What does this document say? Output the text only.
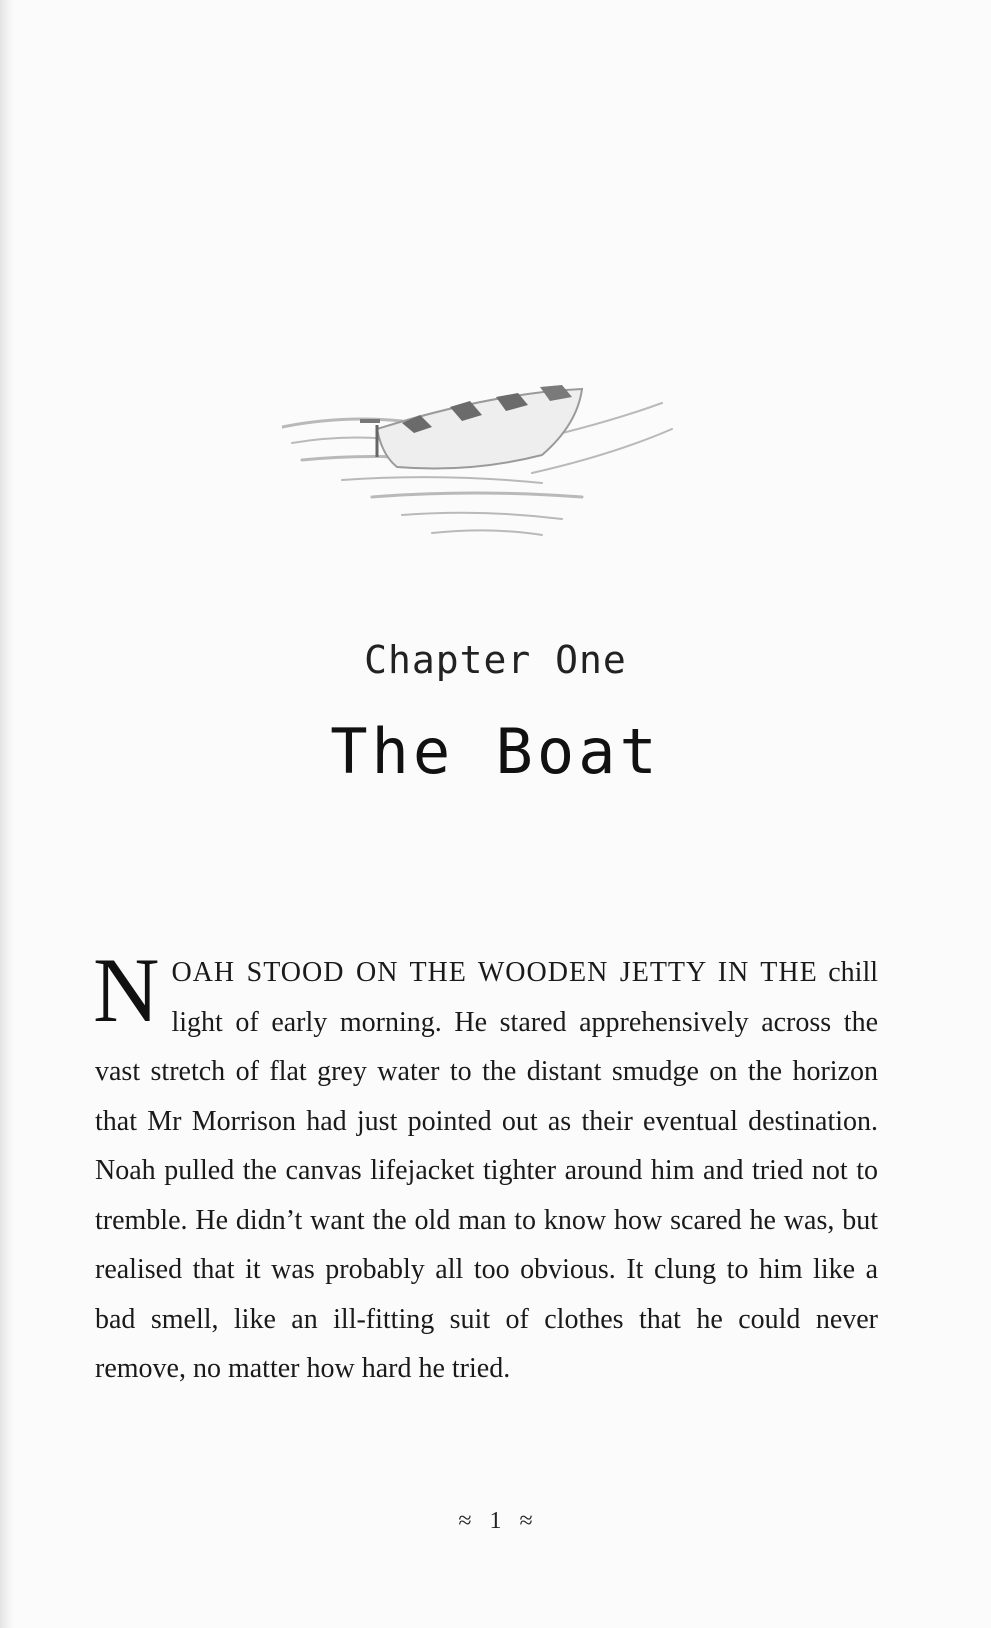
Chapter One
The Boat
N OAH STOOD ON THE WOODEN JETTY IN THE chill light of early morning. He stared apprehensively across the vast stretch of flat grey water to the distant smudge on the horizon that Mr Morrison had just pointed out as their eventual destination. Noah pulled the canvas lifejacket tighter around him and tried not to tremble. He didn’t want the old man to know how scared he was, but realised that it was probably all too obvious. It clung to him like a bad smell, like an ill-fitting suit of clothes that he could never remove, no matter how hard he tried.
≈ 1 ≈
